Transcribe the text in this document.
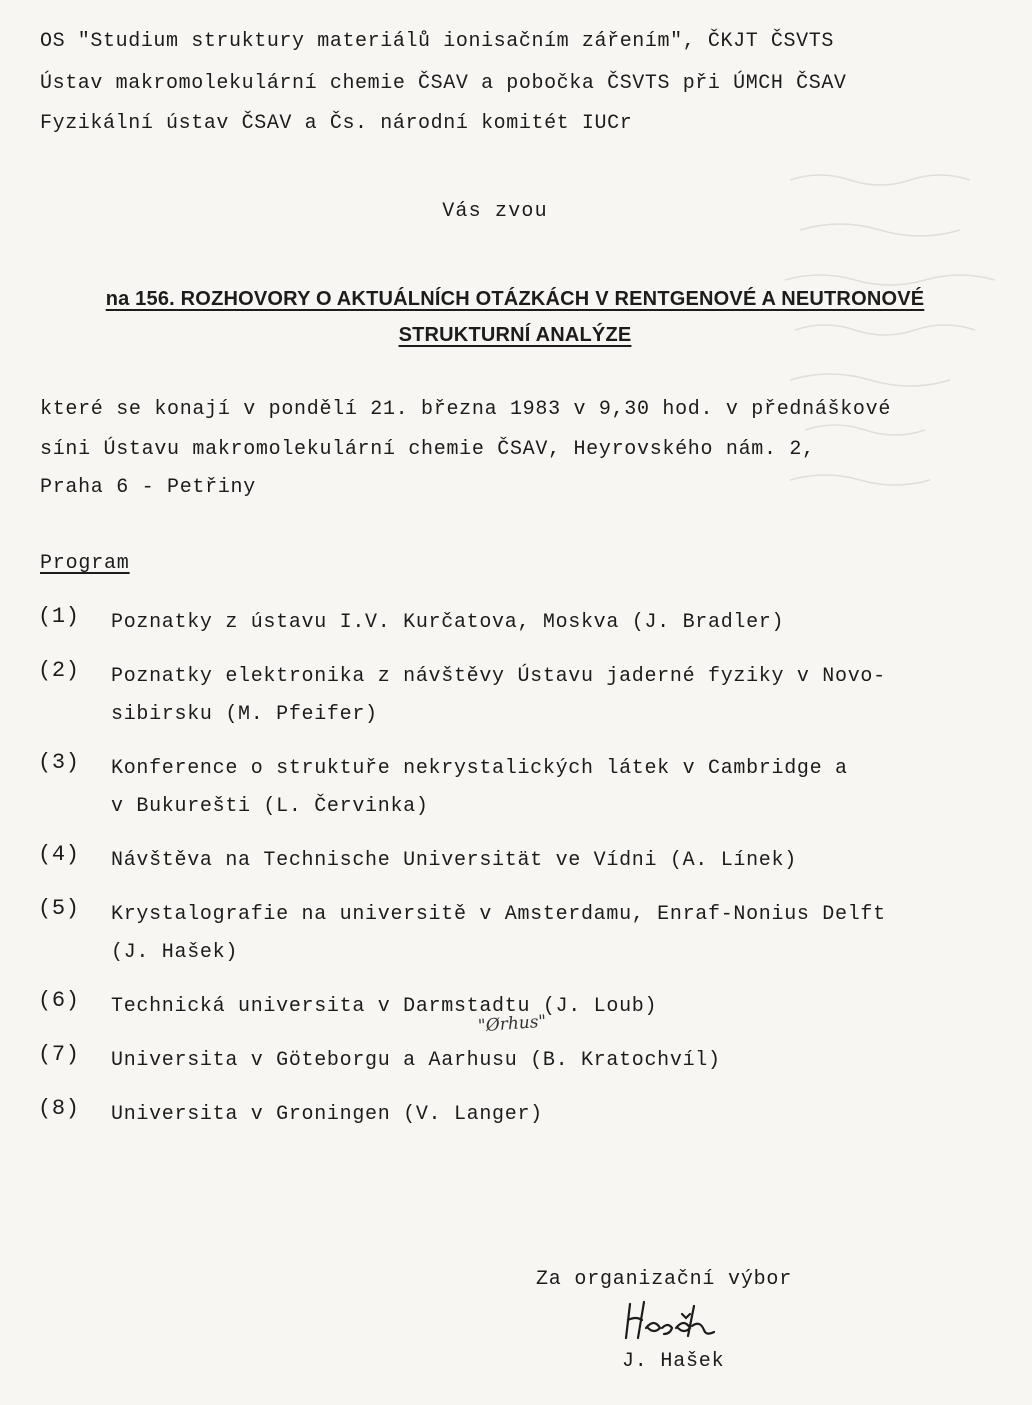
OS "Studium struktury materiálů ionisačním zářením", ČKJT ČSVTS
Ústav makromolekulární chemie ČSAV a pobočka ČSVTS při ÚMCH ČSAV
Fyzikální ústav ČSAV a Čs. národní komitét IUCr
Vás zvou
na 156. ROZHOVORY O AKTUÁLNÍCH OTÁZKÁCH V RENTGENOVÉ A NEUTRONOVÉ
STRUKTURNÍ ANALÝZE
které se konají v pondělí 21. března 1983 v 9,30 hod. v přednáškové
síni Ústavu makromolekulární chemie ČSAV, Heyrovského nám. 2,
Praha 6 - Petřiny
Program
(1) Poznatky z ústavu I.V. Kurčatova, Moskva (J. Bradler)
(2) Poznatky elektronika z návštěvy Ústavu jaderné fyziky v Novo-
sibirsku (M. Pfeifer)
(3) Konference o struktuře nekrystalických látek v Cambridge a
v Bukurešti (L. Červinka)
(4) Návštěva na Technische Universität ve Vídni (A. Línek)
(5) Krystalografie na universitě v Amsterdamu, Enraf-Nonius Delft
(J. Hašek)
(6) Technická universita v Darmstadtu (J. Loub)
"Ørhus"
(7) Universita v Göteborgu a Aarhusu (B. Kratochvíl)
(8) Universita v Groningen (V. Langer)
Za organizační výbor
J. Hašek
